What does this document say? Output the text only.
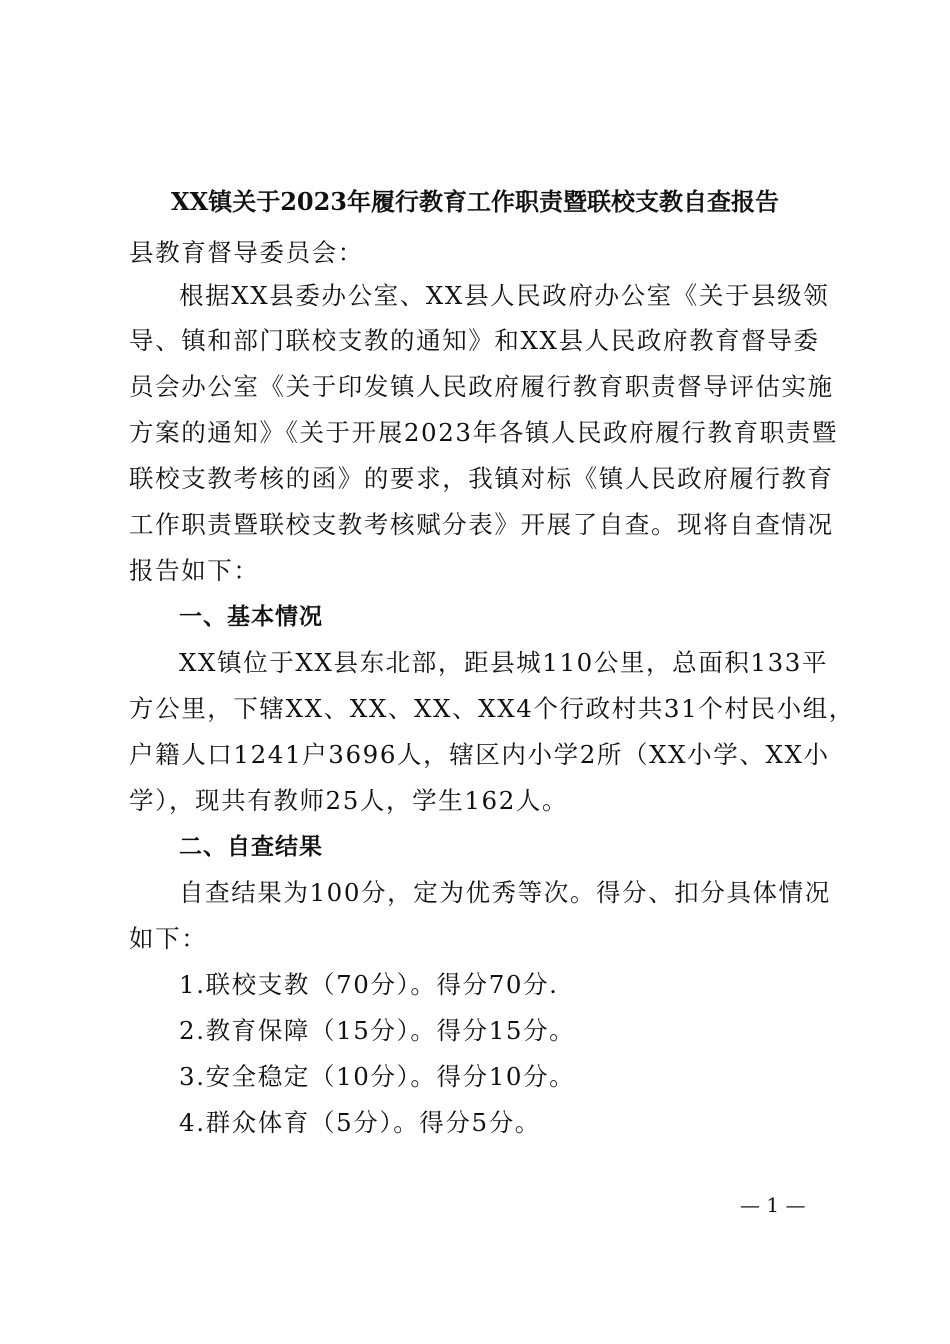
XX镇关于2023年履行教育工作职责暨联校支教自查报告
县教育督导委员会：
根据XX县委办公室、XX县人民政府办公室《关于县级领
导、镇和部门联校支教的通知》和XX县人民政府教育督导委
员会办公室《关于印发镇人民政府履行教育职责督导评估实施
方案的通知》《关于开展2023年各镇人民政府履行教育职责暨
联校支教考核的函》的要求，我镇对标《镇人民政府履行教育
工作职责暨联校支教考核赋分表》开展了自查。现将自查情况
报告如下：
一、基本情况
XX镇位于XX县东北部，距县城110公里，总面积133平
方公里，下辖XX、XX、XX、XX4个行政村共31个村民小组，
户籍人口1241户3696人，辖区内小学2所（XX小学、XX小
学），现共有教师25人，学生162人。
二、自查结果
自查结果为100分，定为优秀等次。得分、扣分具体情况
如下：
1.联校支教（70分）。得分70分.
2.教育保障（15分）。得分15分。
3.安全稳定（10分）。得分10分。
4.群众体育（5分）。得分5分。
— 1 —
